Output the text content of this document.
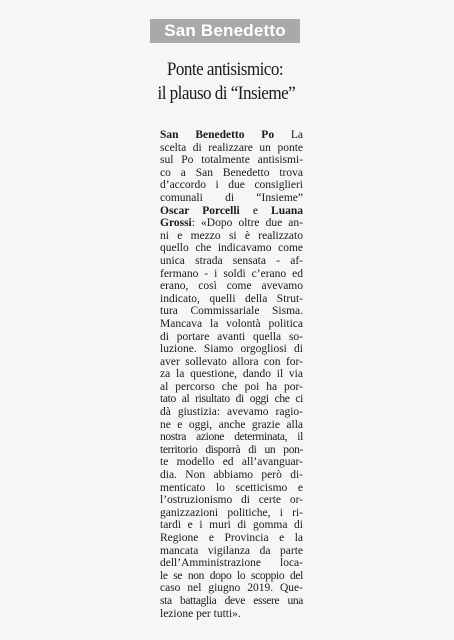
San Benedetto
Ponte antisismico:
il plauso di “Insieme”
San Benedetto Po La
scelta di realizzare un ponte
sul Po totalmente antisismi-
co a San Benedetto trova
d’accordo i due consiglieri
comunali di “Insieme”
Oscar Porcelli e Luana
Grossi: «Dopo oltre due an-
ni e mezzo si è realizzato
quello che indicavamo come
unica strada sensata - af-
fermano - i soldi c’erano ed
erano, così come avevamo
indicato, quelli della Strut-
tura Commissariale Sisma.
Mancava la volontà politica
di portare avanti quella so-
luzione. Siamo orgogliosi di
aver sollevato allora con for-
za la questione, dando il via
al percorso che poi ha por-
tato al risultato di oggi che ci
dà giustizia: avevamo ragio-
ne e oggi, anche grazie alla
nostra azione determinata, il
territorio disporrà di un pon-
te modello ed all’avanguar-
dia. Non abbiamo però di-
menticato lo scetticismo e
l’ostruzionismo di certe or-
ganizzazioni politiche, i ri-
tardi e i muri di gomma di
Regione e Provincia e la
mancata vigilanza da parte
dell’Amministrazione loca-
le se non dopo lo scoppio del
caso nel giugno 2019. Que-
sta battaglia deve essere una
lezione per tutti».
